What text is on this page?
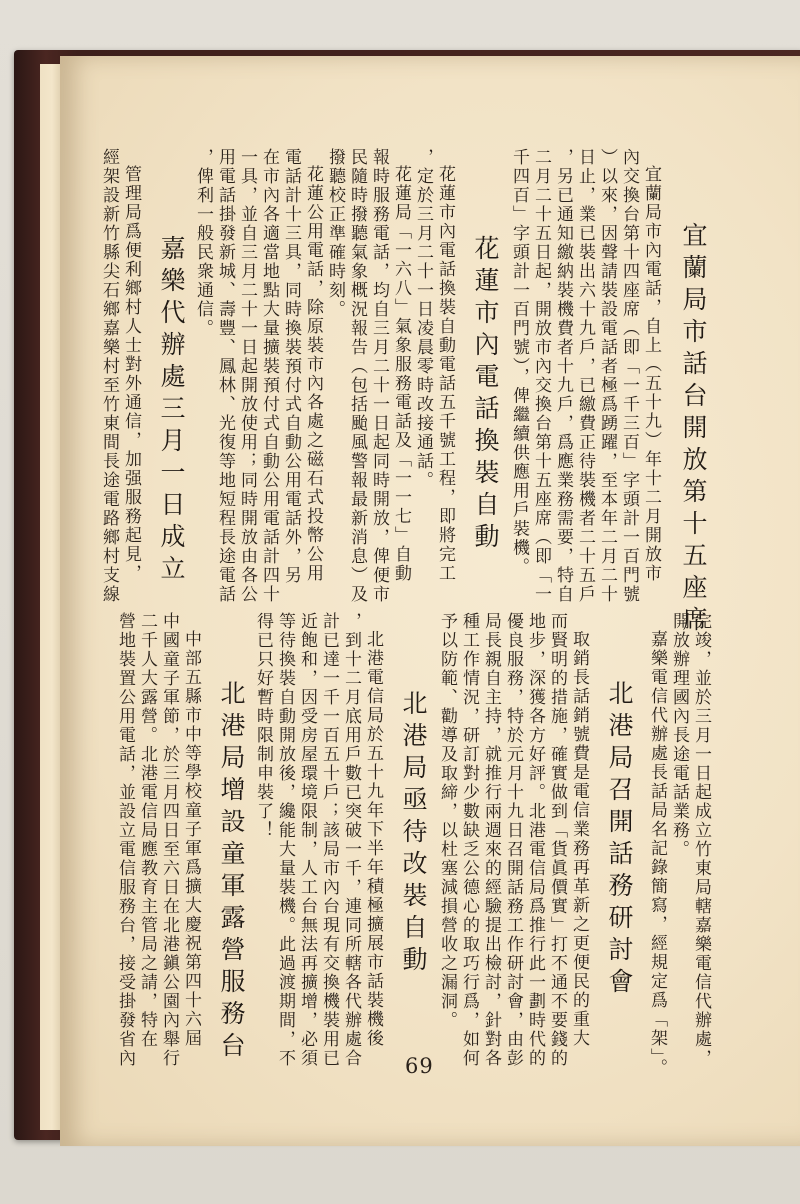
宜蘭局市話台開放第十五座席
宜蘭局市內電話，自上（五十九）年十二月開放市
內交換台第十四座席（即「一千三百」字頭計一百門號
）以來，因聲請裝設電話者極爲踴躍，至本年二月二十
日止，業已裝出六十九戶，已繳費正待裝機者二十五戶
，另已通知繳納裝機費者十九戶，爲應業務需要，特自
二月二十五日起，開放市內交換台第十五座席（即「一
千四百」字頭計一百門號），俾繼續供應用戶裝機。
花蓮市內電話換裝自動
花蓮市內電話換裝自動電話五千號工程，即將完工
，定於三月二十一日凌晨零時改接通話。
花蓮局「一六八」氣象服務電話及「一一七」自動
報時服務電話，均自三月二十一日起同時開放，俾便市
民隨時撥聽氣象概況報告（包括颱風警報最新消息）及
撥聽校正準確時刻。
花蓮公用電話，除原裝市內各處之磁石式投幣公用
電話計十三具，同時換裝預付式自動公用電話外，另
在市內各適當地點大量擴裝預付式自動公用電話計四十
一具，並自三月二十一日起開放使用；同時開放由各公
用電話掛發新城、壽豐、鳳林、光復等地短程長途電話
，俾利一般民衆通信。
嘉樂代辦處三月一日成立
管理局爲便利鄉村人士對外通信，加强服務起見，
經架設新竹縣尖石鄉嘉樂村至竹東間長途電路鄉村支線
完竣，並於三月一日起成立竹東局轄嘉樂電信代辦處，
開放辦理國內長途電話業務。
嘉樂電信代辦處長話局名記錄簡寫，經規定爲「架」。
北港局召開話務研討會
取銷長話銷號費是電信業務再革新之更便民的重大
而賢明的措施，確實做到「貨眞價實」打不通不要錢的
地步，深獲各方好評。北港電信局爲推行此一劃時代的
優良服務，特於元月十九日召開話務工作研討會，由彭
局長親自主持，就推行兩週來的經驗提出檢討，針對各
種工作情況，研訂對少數缺乏公德心的取巧行爲，如何
予以防範、勸導及取締，以杜塞減損營收之漏洞。
北港局亟待改裝自動
北港電信局於五十九年下半年積極擴展市話裝機後
，到十二月底用戶數已突破一千，連同所轄各代辦處合
計已達一千一百五十戶；該局市內台現有交換機裝用已
近飽和，因受房屋環境限制，人工台無法再擴增，必須
等待換裝自動開放後，纔能大量裝機。此過渡期間，不
得已只好暫時限制申裝了！
北港局增設童軍露營服務台
中部五縣市中等學校童子軍爲擴大慶祝第四十六屆
中國童子軍節，於三月四日至六日在北港鎭公園內舉行
二千人大露營。北港電信局應教育主管局之請，特在
營地裝置公用電話，並設立電信服務台，接受掛發省內	69
